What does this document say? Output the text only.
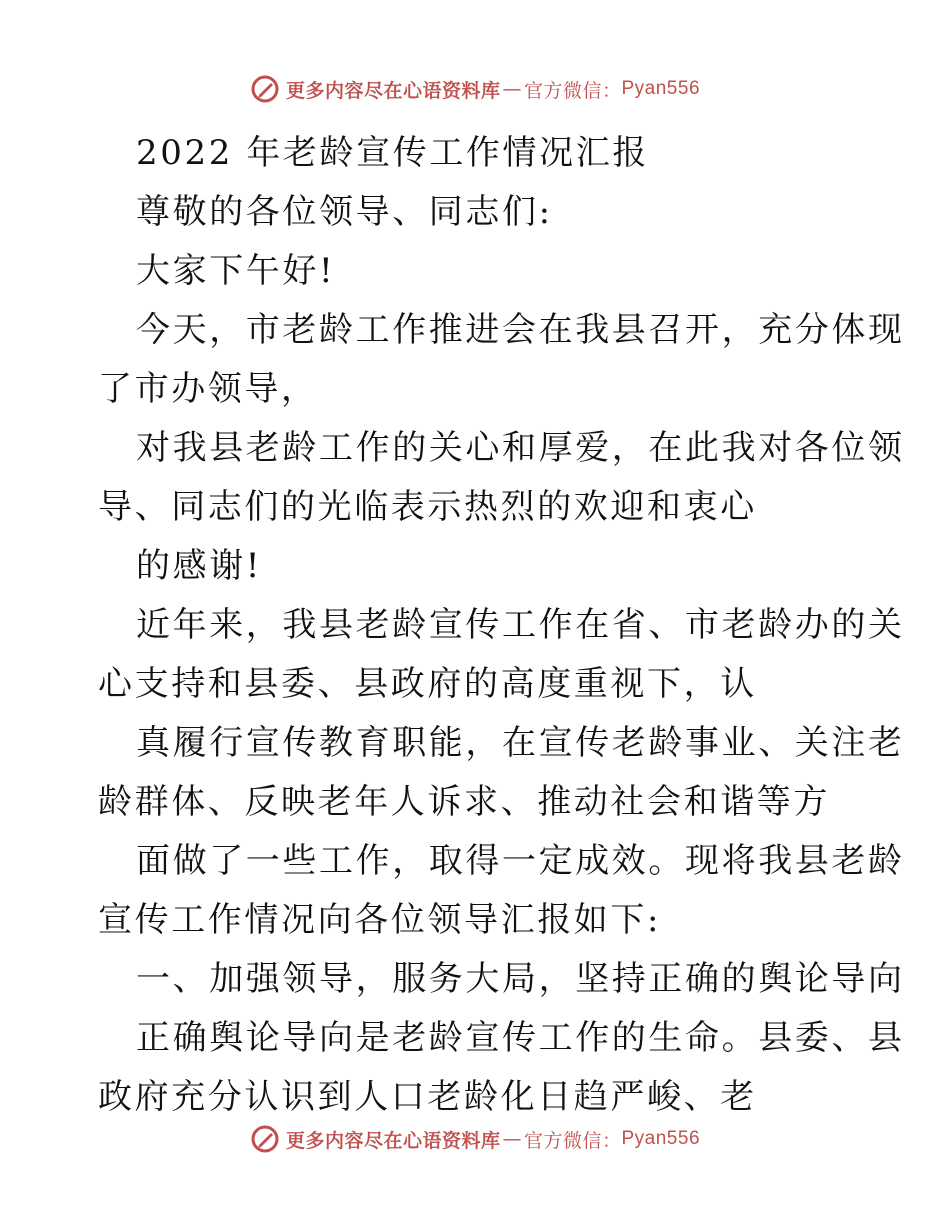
更多内容尽在心语资料库 — 官方微信： Pyan556
2022 年老龄宣传工作情况汇报
尊敬的各位领导、同志们:
大家下午好!
今天，市老龄工作推进会在我县召开，充分体现
了市办领导，
对我县老龄工作的关心和厚爱，在此我对各位领
导、同志们的光临表示热烈的欢迎和衷心
的感谢!
近年来，我县老龄宣传工作在省、市老龄办的关
心支持和县委、县政府的高度重视下，认
真履行宣传教育职能，在宣传老龄事业、关注老
龄群体、反映老年人诉求、推动社会和谐等方
面做了一些工作，取得一定成效。现将我县老龄
宣传工作情况向各位领导汇报如下:
一、加强领导，服务大局，坚持正确的舆论导向
正确舆论导向是老龄宣传工作的生命。县委、县
政府充分认识到人口老龄化日趋严峻、老
更多内容尽在心语资料库 — 官方微信： Pyan556
